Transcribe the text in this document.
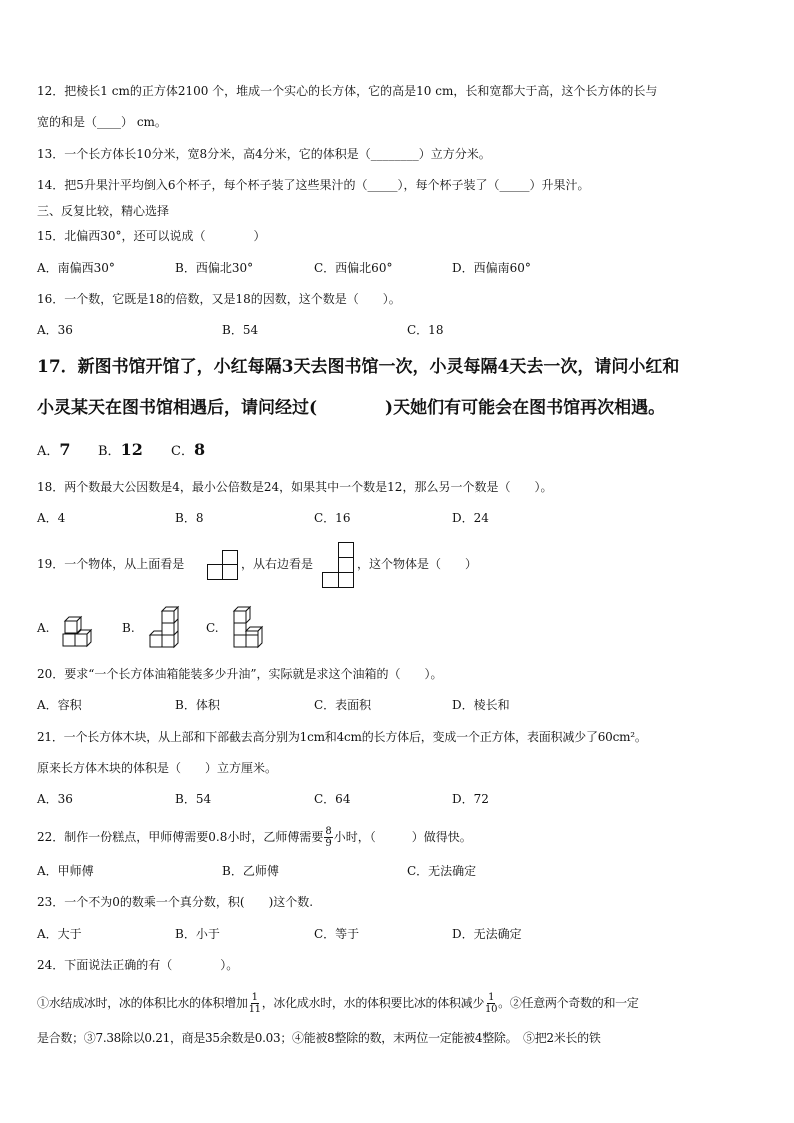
12．把棱长1 cm的正方体2100 个，堆成一个实心的长方体，它的高是10 cm，长和宽都大于高，这个长方体的长与
宽的和是（____） cm。
13．一个长方体长10分米，宽8分米，高4分米，它的体积是（________）立方分米。
14．把5升果汁平均倒入6个杯子，每个杯子装了这些果汁的（_____），每个杯子装了（_____）升果汁。
三、反复比较，精心选择
15．北偏西30°，还可以说成（　　　　）
A．南偏西30°	B．西偏北30°	C．西偏北60°	D．西偏南60°
16．一个数，它既是18的倍数，又是18的因数，这个数是（　　）。
A．36	B．54	C．18
17．新图书馆开馆了，小红每隔3天去图书馆一次，小灵每隔4天去一次，请问小红和
小灵某天在图书馆相遇后，请问经过(　　　　)天她们有可能会在图书馆再次相遇。
A．7 B．12 C．8
18．两个数最大公因数是4，最小公倍数是24，如果其中一个数是12，那么另一个数是（　　）。
A．4	B．8	C．16	D．24
19．一个物体，从上面看是	，从右边看是	，这个物体是（　　）
A.	B.	C.
20．要求“一个长方体油箱能装多少升油”，实际就是求这个油箱的（　　）。
A．容积	B．体积	C．表面积	D．棱长和
21．一个长方体木块，从上部和下部截去高分别为1cm和4cm的长方体后，变成一个正方体，表面积减少了60cm²。
原来长方体木块的体积是（　　）立方厘米。
A．36	B．54	C．64	D．72
22．制作一份糕点，甲师傅需要0.8小时，乙师傅需要 $\frac{8}{9}$ 小时，（　　　）做得快。
A．甲师傅	B．乙师傅	C．无法确定
23．一个不为0的数乘一个真分数，积(　　)这个数.
A．大于	B．小于	C．等于	D．无法确定
24．下面说法正确的有（　　　　）。
①水结成冰时，冰的体积比水的体积增加 $\frac{1}{11}$ ，冰化成水时，水的体积要比冰的体积减少 $\frac{1}{10}$ 。②任意两个奇数的和一定
是合数；③7.38除以0.21，商是35余数是0.03；④能被8整除的数，末两位一定能被4整除。　⑤把2米长的铁
